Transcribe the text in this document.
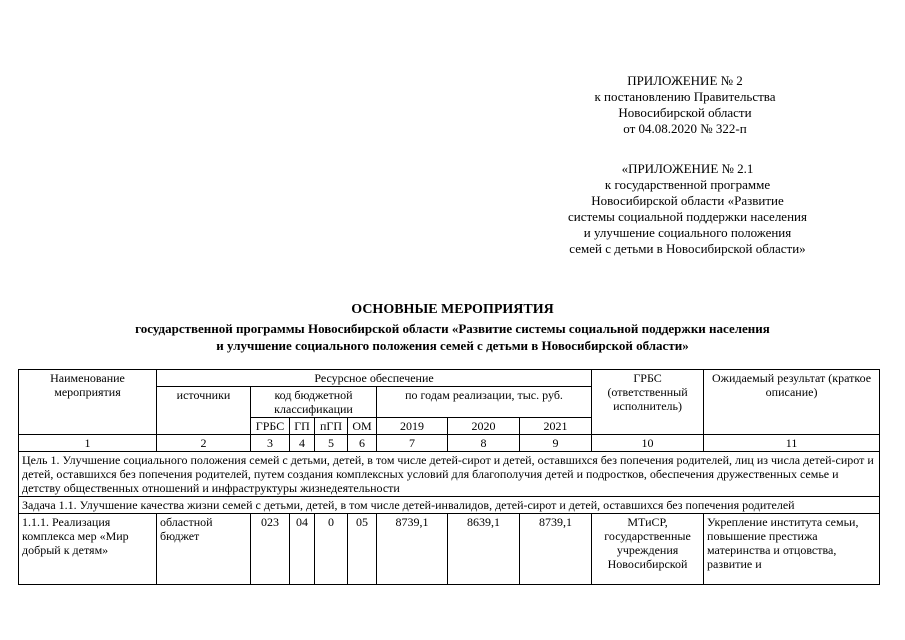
ПРИЛОЖЕНИЕ № 2
к постановлению Правительства
Новосибирской области
от 04.08.2020 № 322-п
«ПРИЛОЖЕНИЕ № 2.1
к государственной программе
Новосибирской области «Развитие
системы социальной поддержки населения
и улучшение социального положения
семей с детьми в Новосибирской области»
ОСНОВНЫЕ МЕРОПРИЯТИЯ
государственной программы Новосибирской области «Развитие системы социальной поддержки населения
и улучшение социального положения семей с детьми в Новосибирской области»
Наименование мероприятия	Ресурсное обеспечение								ГРБС (ответственный исполнитель)	Ожидаемый результат (краткое описание)
	источники	код бюджетной классификации				по годам реализации, тыс. руб.				
		ГРБС	ГП	пГП	ОМ	2019	2020	2021		
1	2	3	4	5	6	7	8	9	10	11
Цель 1. Улучшение социального положения семей с детьми, детей, в том числе детей-сирот и детей, оставшихся без попечения родителей, лиц из числа детей-сирот и детей, оставшихся без попечения родителей, путем создания комплексных условий для благополучия детей и подростков, обеспечения дружественных семье и детству общественных отношений и инфраструктуры жизнедеятельности										
Задача 1.1. Улучшение качества жизни семей с детьми, детей, в том числе детей-инвалидов, детей-сирот и детей, оставшихся без попечения родителей										
1.1.1. Реализация комплекса мер «Мир добрый к детям»	областной бюджет	023	04	0	05	8739,1	8639,1	8739,1	МТиСР, государственные учреждения Новосибирской	Укрепление института семьи, повышение престижа материнства и отцовства, развитие и
